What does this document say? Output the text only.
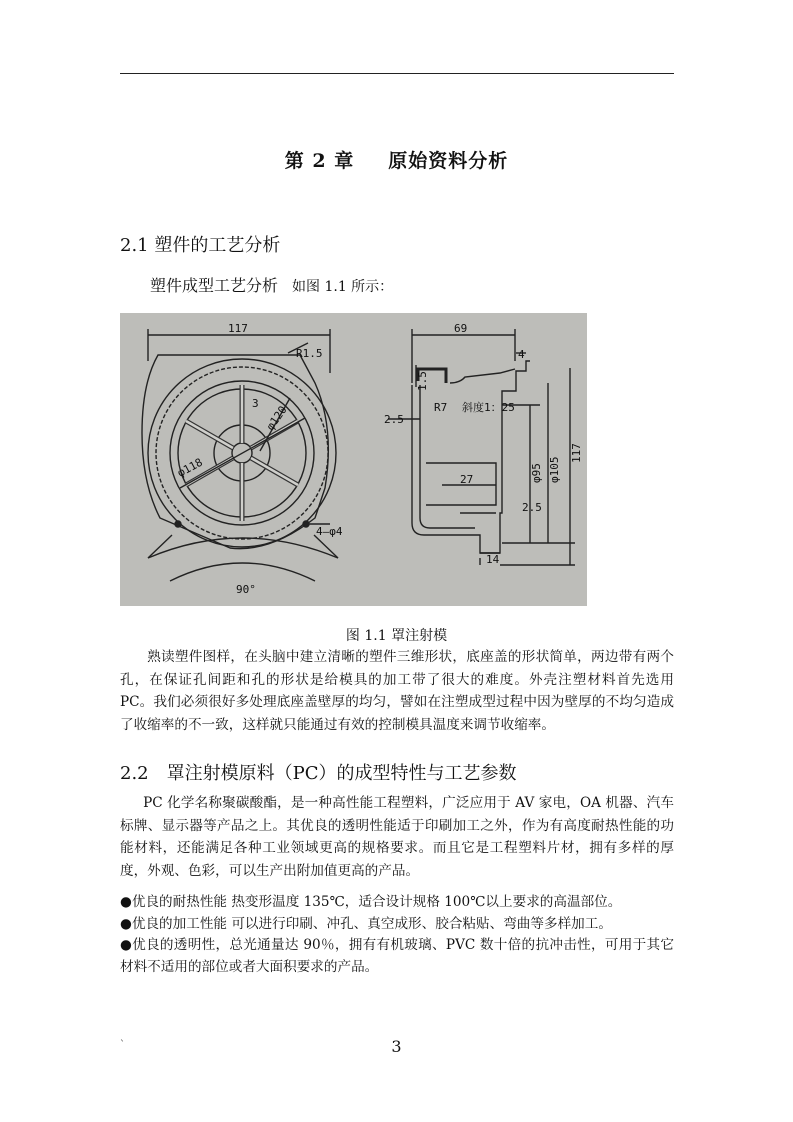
第 2 章 原始资料分析
2.1 塑件的工艺分析
塑件成型工艺分析 如图 1.1 所示：
117
R1.5
3
φ120
φ118
4—φ4
90°
69
4
1.5
2.5
R7 斜度1：25
φ95 φ105
117
27
2.5
14
图 1.1 罩注射模

熟读塑件图样，在头脑中建立清晰的塑件三维形状，底座盖的形状简单，两边带有两个孔，在保证孔间距和孔的形状是给模具的加工带了很大的难度。外壳注塑材料首先选用 PC。我们必须很好多处理底座盖壁厚的均匀，譬如在注塑成型过程中因为壁厚的不均匀造成了收缩率的不一致，这样就只能通过有效的控制模具温度来调节收缩率。

2.2　罩注射模原料（PC）的成型特性与工艺参数

PC 化学名称聚碳酸酯，是一种高性能工程塑料，广泛应用于 AV 家电，OA 机器、汽车标牌、显示器等产品之上。其优良的透明性能适于印刷加工之外，作为有高度耐热性能的功能材料，还能满足各种工业领域更高的规格要求。而且它是工程塑料片材，拥有多样的厚度，外观、色彩，可以生产出附加值更高的产品。

●优良的耐热性能 热变形温度 135℃，适合设计规格 100℃以上要求的高温部位。

●优良的加工性能 可以进行印刷、冲孔、真空成形、胶合粘贴、弯曲等多样加工。

●优良的透明性，总光通量达 90％，拥有有机玻璃、PVC 数十倍的抗冲击性，可用于其它材料不适用的部位或者大面积要求的产品。

`	3
